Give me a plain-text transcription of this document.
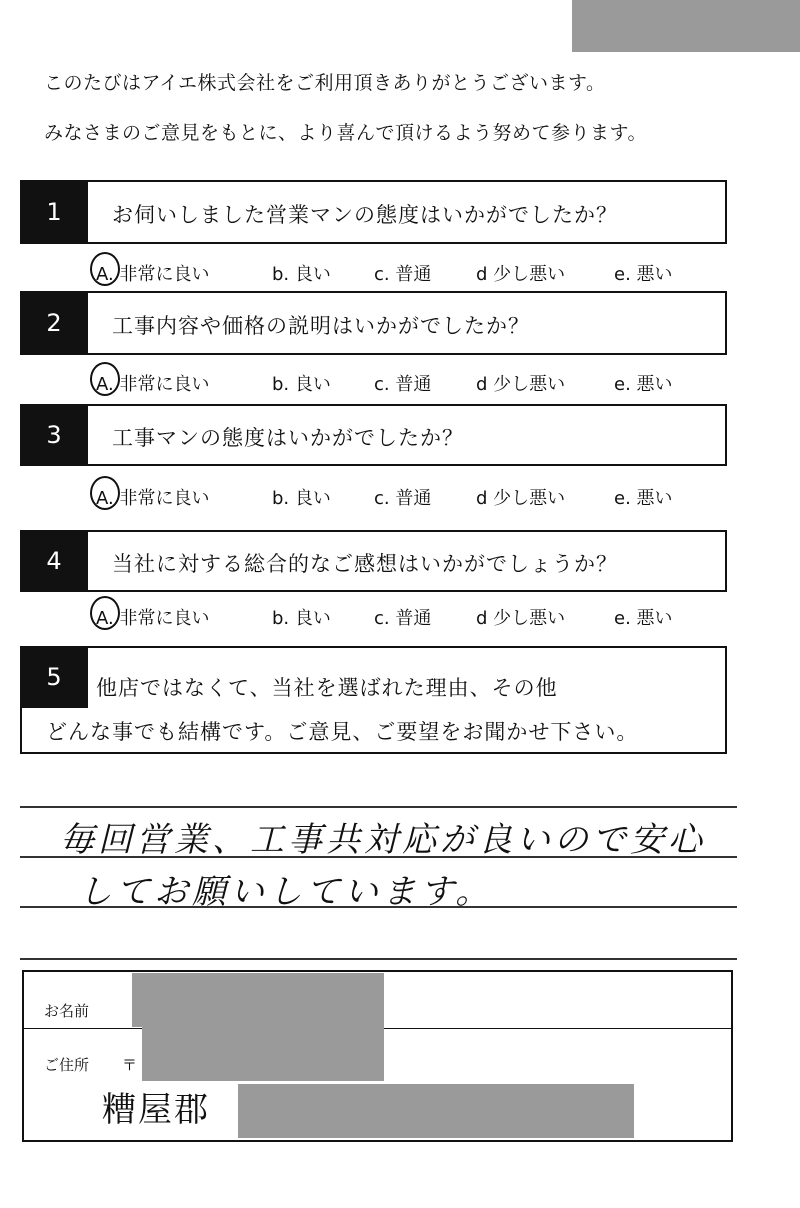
このたびはアイエ株式会社をご利用頂きありがとうございます。
みなさまのご意見をもとに、より喜んで頂けるよう努めて参ります。
1	お伺いしました営業マンの態度はいかがでしたか？
A. 非常に良い	b. 良い c. 普通 d 少し悪い	e. 悪い
2	工事内容や価格の説明はいかがでしたか？
A. 非常に良い	b. 良い c. 普通 d 少し悪い	e. 悪い
3	工事マンの態度はいかがでしたか？
A. 非常に良い	b. 良い c. 普通 d 少し悪い	e. 悪い
4	当社に対する総合的なご感想はいかがでしょうか？
A. 非常に良い	b. 良い c. 普通 d 少し悪い	e. 悪い
5	他店ではなくて、当社を選ばれた理由、その他
どんな事でも結構です。ご意見、ご要望をお聞かせ下さい。
毎回営業、工事共対応が良いので安心
してお願いしています。
お名前
ご住所 〒
糟屋郡
